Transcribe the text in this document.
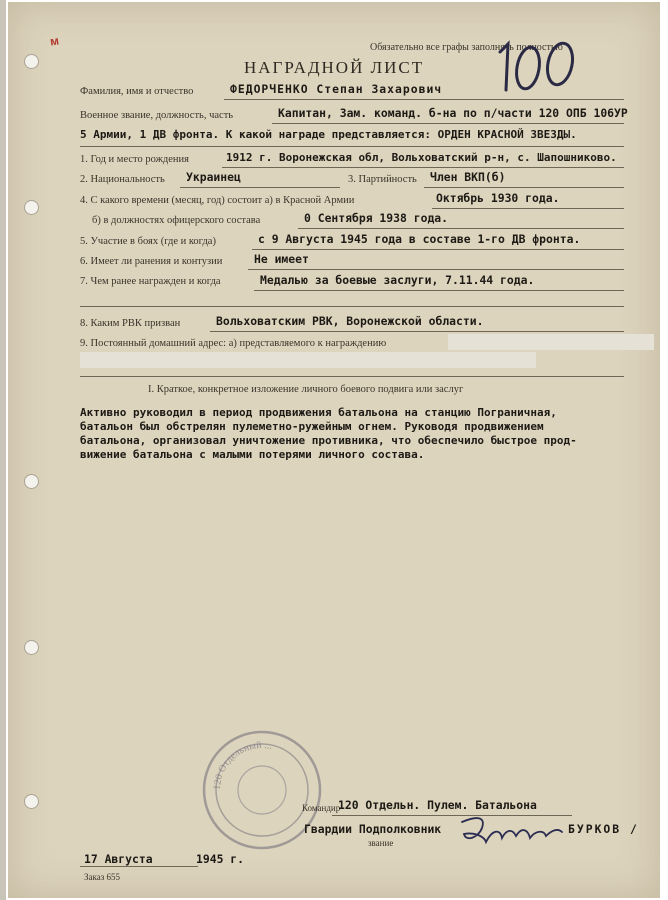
м	Обязательно все графы заполнять полностью
НАГРАДНОЙ ЛИСТ
Фамилия, имя и отчество	ФЕДОРЧЕНКО Степан Захарович
Военное звание, должность, часть	Капитан, Зам. команд. б-на по п/части 120 ОПБ 106УР
5 Армии, 1 ДВ фронта. К какой награде представляется: ОРДЕН КРАСНОЙ ЗВЕЗДЫ.
1. Год и место рождения	1912 г. Воронежская обл, Вольховатский р-н, с. Шапошниково.
2. Национальность Украинец	3. Партийность Член ВКП(б)
4. С какого времени (месяц, год) состоит а) в Красной Армии	Октябрь 1930 года.
б) в должностях офицерского состава	0 Сентября 1938 года.
5. Участие в боях (где и когда)	с 9 Августа 1945 года в составе 1-го ДВ фронта.
6. Имеет ли ранения и контузии	Не имеет
7. Чем ранее награжден и когда	Медалью за боевые заслуги, 7.11.44 года.
8. Каким РВК призван	Вольховатским РВК, Воронежской области.
9. Постоянный домашний адрес: а) представляемого к награждению
I. Краткое, конкретное изложение личного боевого подвига или заслуг
Активно руководил в период продвижения батальона на станцию Пограничная,
батальон был обстрелян пулеметно-ружейным огнем. Руководя продвижением
батальона, организовал уничтожение противника, что обеспечило быстрое прод-
вижение батальона с малыми потерями личного состава.
120 Отдельный ...
Командир
120 Отдельн. Пулем. Батальона
Гвардии Подполковник	БУРКОВ /
звание
17 Августа	1945 г.
Заказ 655
